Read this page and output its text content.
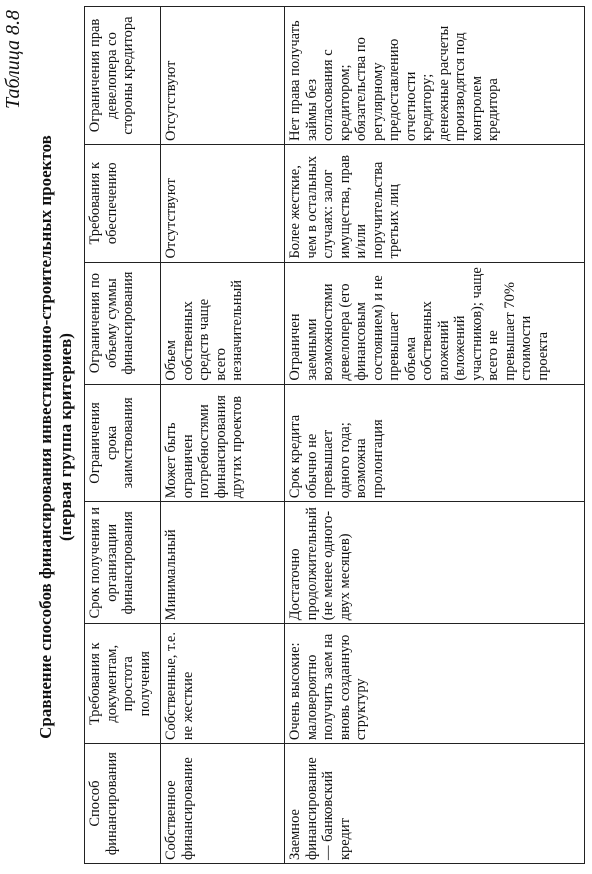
Таблица 8.8
Сравнение способов финансирования инвестиционно-строительных проектов (первая группа критериев)
Способ финансирования	Требования к документам, простота получения	Срок получения и организации финансирования	Ограничения срока заимствования	Ограничения по объему суммы финансирования	Требования к обеспечению	Ограничения прав девелопера со стороны кредитора

Собственное финансирование	Собственные, т.е. не жесткие	Минимальный	Может быть ограничен потребностями финансирования других проектов	Объем собственных средств чаще всего незначительный	Отсутствуют	Отсутствуют

Заемное финансирование — банковский кредит	Очень высокие: маловероятно получить заем на вновь созданную структуру	Достаточно продолжительный (не менее одного-двух месяцев)	Срок кредита обычно не превышает одного года; возможна пролонгация	Ограничен заемными возможностями девелопера (его финансовым состоянием) и не превышает объема собственных вложений (вложений участников); чаще всего не превышает 70% стоимости проекта	Более жесткие, чем в остальных случаях: залог имущества, прав и/или поручительства третьих лиц	Нет права получать займы без согласования с кредитором; обязательства по регулярному предоставлению отчетности кредитору; денежные расчеты производятся под контролем кредитора
